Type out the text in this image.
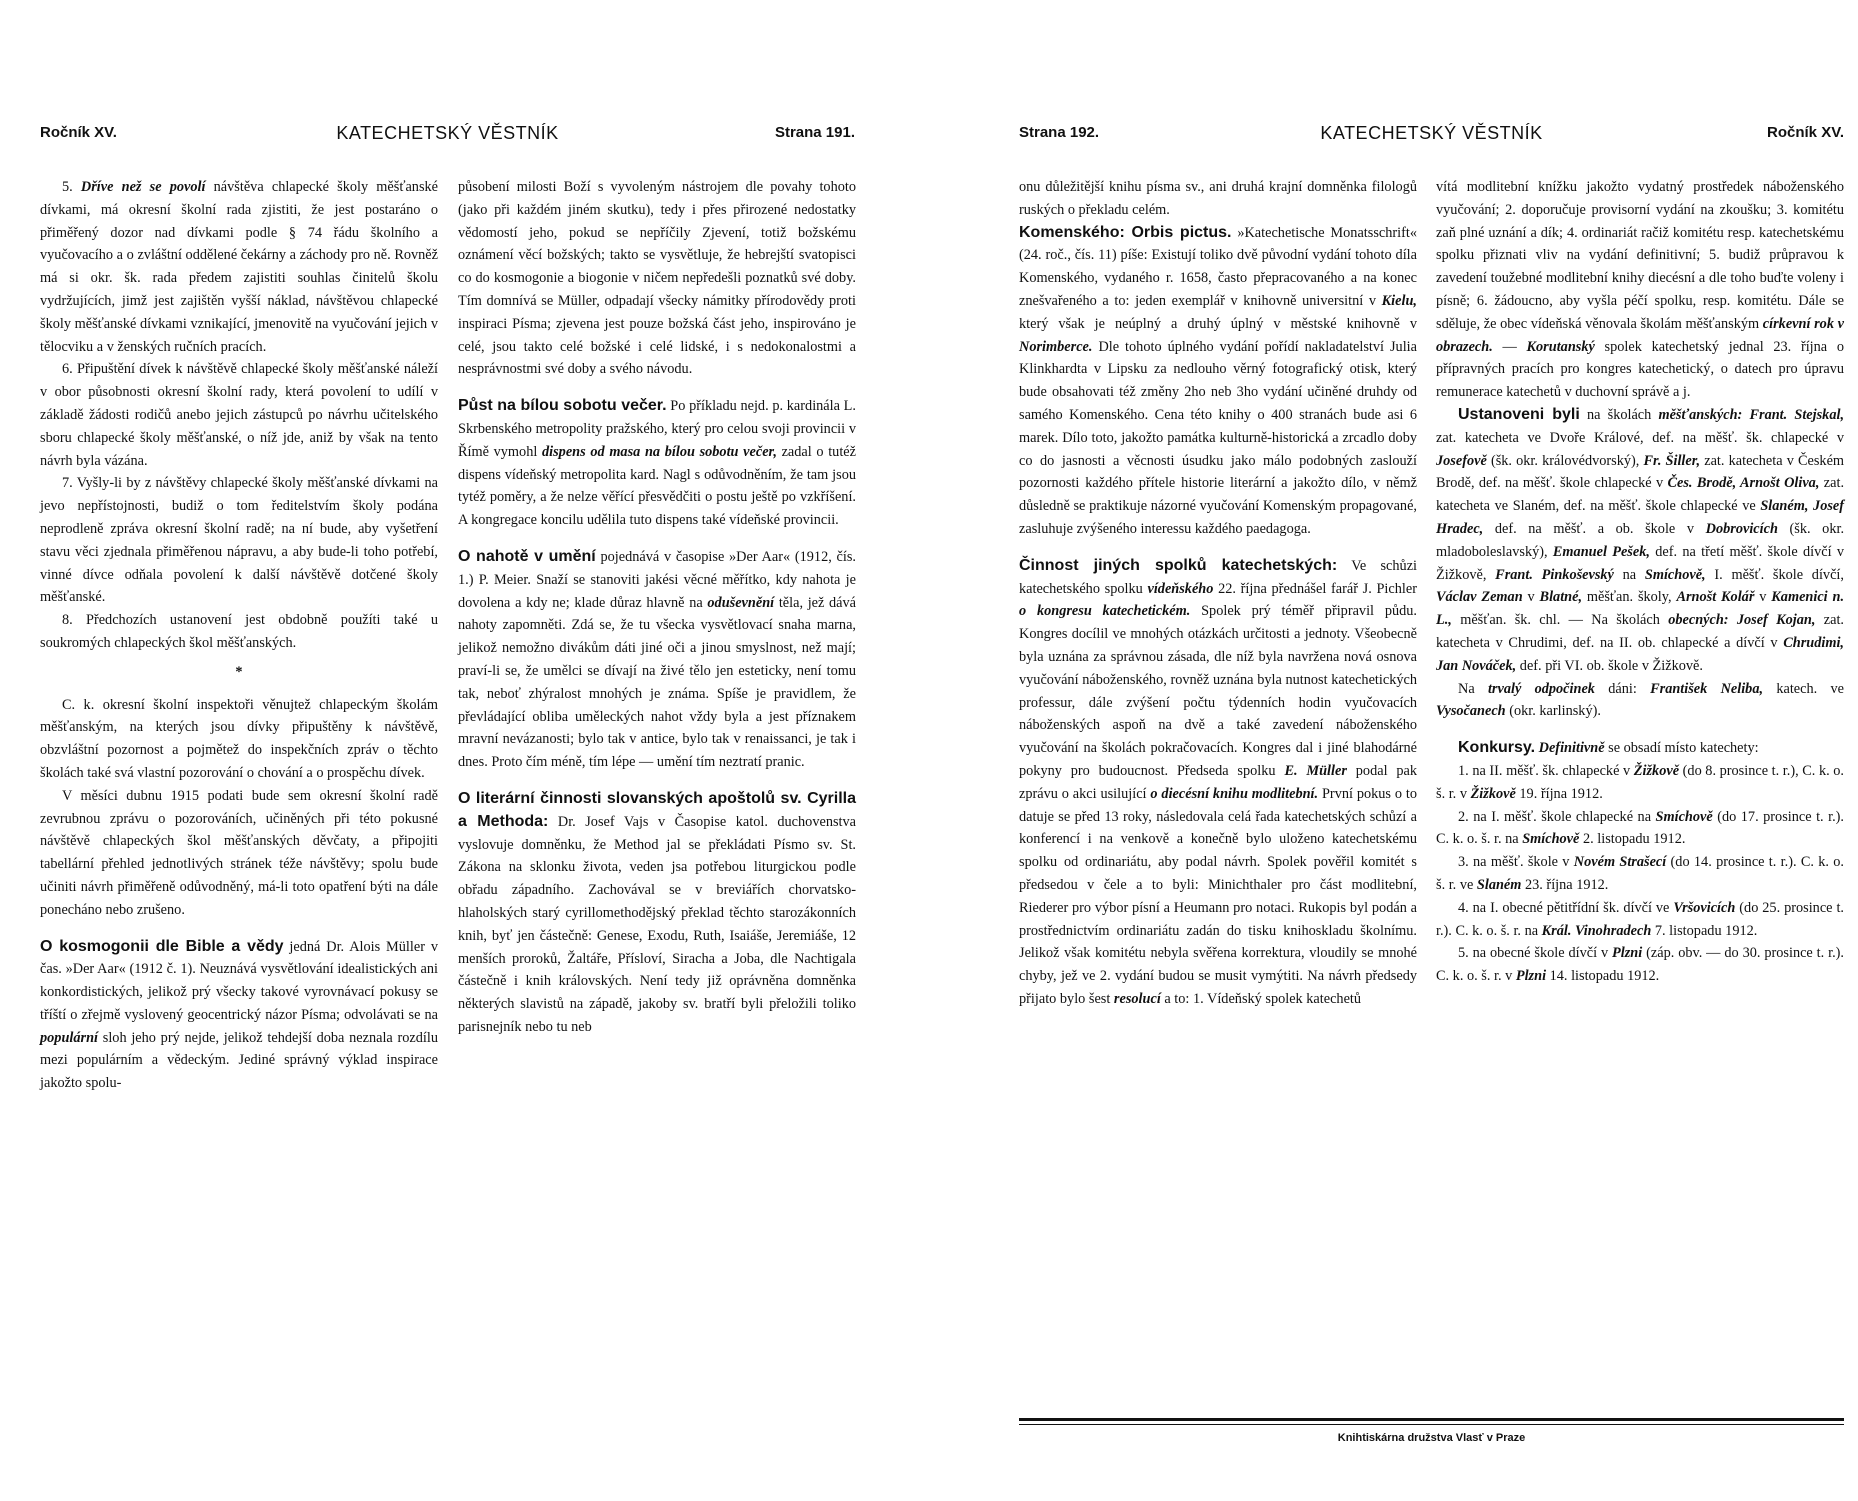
Ročník XV.	KATECHETSKÝ VĚSTNÍK	Strana 191.

5. Dříve než se povolí návštěva chlapecké školy měšťanské dívkami, má okresní školní rada zjistiti, že jest postaráno o přiměřený dozor nad dívkami podle § 74 řádu školního a vyučovacího a o zvláštní oddělené čekárny a záchody pro ně. Rovněž má si okr. šk. rada předem zajistiti souhlas činitelů školu vydržujících, jimž jest zajištěn vyšší náklad, návštěvou chlapecké školy měšťanské dívkami vznikající, jmenovitě na vyučování jejich v tělocviku a v ženských ručních pracích.

6. Připuštění dívek k návštěvě chlapecké školy měšťanské náleží v obor působnosti okresní školní rady, která povolení to udílí v základě žádosti rodičů anebo jejich zástupců po návrhu učitelského sboru chlapecké školy měšťanské, o níž jde, aniž by však na tento návrh byla vázána.

7. Vyšly-li by z návštěvy chlapecké školy měšťanské dívkami na jevo nepřístojnosti, budiž o tom ředitelstvím školy podána neprodleně zpráva okresní školní radě; na ní bude, aby vyšetření stavu věci zjednala přiměřenou nápravu, a aby bude-li toho potřebí, vinné dívce odňala povolení k další návštěvě dotčené školy měšťanské.

8. Předchozích ustanovení jest obdobně použíti také u soukromých chlapeckých škol měšťanských.

*

C. k. okresní školní inspektoři věnujtež chlapeckým školám měšťanským, na kterých jsou dívky připuštěny k návštěvě, obzvláštní pozornost a pojmětež do inspekčních zpráv o těchto školách také svá vlastní pozorování o chování a o prospěchu dívek.

V měsíci dubnu 1915 podati bude sem okresní školní radě zevrubnou zprávu o pozorováních, učiněných při této pokusné návštěvě chlapeckých škol měšťanských děvčaty, a připojiti tabellární přehled jednotlivých stránek téže návštěvy; spolu bude učiniti návrh přiměřeně odůvodněný, má-li toto opatření býti na dále ponecháno nebo zrušeno.

O kosmogonii dle Bible a vědy jedná Dr. Alois Müller v čas. »Der Aar« (1912 č. 1). Neuznává vysvětlování idealistických ani konkordistických, jelikož prý všecky takové vyrovnávací pokusy se tříští o zřejmě vyslovený geocentrický názor Písma; odvolávati se na populární sloh jeho prý nejde, jelikož tehdejší doba neznala rozdílu mezi populárním a vědeckým. Jediné správný výklad inspirace jakožto spolu-

působení milosti Boží s vyvoleným nástrojem dle povahy tohoto (jako při každém jiném skutku), tedy i přes přirozené nedostatky vědomostí jeho, pokud se nepříčily Zjevení, totiž božskému oznámení věcí božských; takto se vysvětluje, že hebrejští svatopisci co do kosmogonie a biogonie v ničem nepředešli poznatků své doby. Tím domnívá se Müller, odpadají všecky námitky přírodovědy proti inspiraci Písma; zjevena jest pouze božská část jeho, inspirováno je celé, jsou takto celé božské i celé lidské, i s nedokonalostmi a nesprávnostmi své doby a svého návodu.

Půst na bílou sobotu večer. Po příkladu nejd. p. kardinála L. Skrbenského metropolity pražského, který pro celou svoji provincii v Římě vymohl dispens od masa na bílou sobotu večer, zadal o tutéž dispens vídeňský metropolita kard. Nagl s odůvodněním, že tam jsou tytéž poměry, a že nelze věřící přesvědčiti o postu ještě po vzkříšení. A kongregace koncilu udělila tuto dispens také vídeňské provincii.

O nahotě v umění pojednává v časopise »Der Aar« (1912, čís. 1.) P. Meier. Snaží se stanoviti jakési věcné měřítko, kdy nahota je dovolena a kdy ne; klade důraz hlavně na oduševnění těla, jež dává nahoty zapomněti. Zdá se, že tu všecka vysvětlovací snaha marna, jelikož nemožno divákům dáti jiné oči a jinou smyslnost, než mají; praví-li se, že umělci se dívají na živé tělo jen esteticky, není tomu tak, neboť zhýralost mnohých je známa. Spíše je pravidlem, že převládající obliba uměleckých nahot vždy byla a jest příznakem mravní nevázanosti; bylo tak v antice, bylo tak v renaissanci, je tak i dnes. Proto čím méně, tím lépe — umění tím neztratí pranic.

O literární činnosti slovanských apoštolů sv. Cyrilla a Methoda: Dr. Josef Vajs v Časopise katol. duchovenstva vyslovuje domněnku, že Method jal se překládati Písmo sv. St. Zákona na sklonku života, veden jsa potřebou liturgickou podle obřadu západního. Zachovával se v breviářích chorvatsko-hlaholských starý cyrillomethodějský překlad těchto starozákonních knih, byť jen částečně: Genese, Exodu, Ruth, Isaiáše, Jeremiáše, 12 menších proroků, Žaltáře, Přísloví, Siracha a Joba, dle Nachtigala částečně i knih královských. Není tedy již oprávněna domněnka některých slavistů na západě, jakoby sv. bratří byli přeložili toliko parisnejník nebo tu neb

Strana 192.	KATECHETSKÝ VĚSTNÍK	Ročník XV.

onu důležitější knihu písma sv., ani druhá krajní domněnka filologů ruských o překladu celém.

Komenského: Orbis pictus. »Katechetische Monatsschrift« (24. roč., čís. 11) píše: Existují toliko dvě původní vydání tohoto díla Komenského, vydaného r. 1658, často přepracovaného a na konec znešvařeného a to: jeden exemplář v knihovně universitní v Kielu, který však je neúplný a druhý úplný v městské knihovně v Norimberce. Dle tohoto úplného vydání pořídí nakladatelství Julia Klinkhardta v Lipsku za nedlouho věrný fotografický otisk, který bude obsahovati též změny 2ho neb 3ho vydání učiněné druhdy od samého Komenského. Cena této knihy o 400 stranách bude asi 6 marek. Dílo toto, jakožto památka kulturně-historická a zrcadlo doby co do jasnosti a věcnosti úsudku jako málo podobných zaslouží pozornosti každého přítele historie literární a jakožto dílo, v němž důsledně se praktikuje názorné vyučování Komenským propagované, zasluhuje zvýšeného interessu každého paedagoga.

Činnost jiných spolků katechetských: Ve schůzi katechetského spolku vídeňského 22. října přednášel farář J. Pichler o kongresu katechetickém. Spolek prý téměř připravil půdu. Kongres docílil ve mnohých otázkách určitosti a jednoty. Všeobecně byla uznána za správnou zásada, dle níž byla navržena nová osnova vyučování náboženského, rovněž uznána byla nutnost katechetických professur, dále zvýšení počtu týdenních hodin vyučovacích náboženských aspoň na dvě a také zavedení náboženského vyučování na školách pokračovacích. Kongres dal i jiné blahodárné pokyny pro budoucnost. Předseda spolku E. Müller podal pak zprávu o akci usilující o diecésní knihu modlitební. První pokus o to datuje se před 13 roky, následovala celá řada katechetských schůzí a konferencí i na venkově a konečně bylo uloženo katechetskému spolku od ordinariátu, aby podal návrh. Spolek pověřil komitét s předsedou v čele a to byli: Minichthaler pro část modlitební, Riederer pro výbor písní a Heumann pro notaci. Rukopis byl podán a prostřednictvím ordinariátu zadán do tisku knihoskladu školnímu. Jelikož však komitétu nebyla svěřena korrektura, vloudily se mnohé chyby, jež ve 2. vydání budou se musit vymýtiti. Na návrh předsedy přijato bylo šest resolucí a to: 1. Vídeňský spolek katechetů

vítá modlitební knížku jakožto vydatný prostředek náboženského vyučování; 2. doporučuje provisorní vydání na zkoušku; 3. komitétu zaň plné uznání a dík; 4. ordinariát račiž komitétu resp. katechetskému spolku přiznati vliv na vydání definitivní; 5. budiž průpravou k zavedení toužebné modlitební knihy diecésní a dle toho buďte voleny i písně; 6. žádoucno, aby vyšla péčí spolku, resp. komitétu. Dále se sděluje, že obec vídeňská věnovala školám měšťanským církevní rok v obrazech. — Korutanský spolek katechetský jednal 23. října o přípravných pracích pro kongres katechetický, o datech pro úpravu remunerace katechetů v duchovní správě a j.

Ustanoveni byli na školách měšťanských: Frant. Stejskal, zat. katecheta ve Dvoře Králové, def. na měšť. šk. chlapecké v Josefově (šk. okr. královédvorský), Fr. Šiller, zat. katecheta v Českém Brodě, def. na měšť. škole chlapecké v Čes. Brodě, Arnošt Oliva, zat. katecheta ve Slaném, def. na měšť. škole chlapecké ve Slaném, Josef Hradec, def. na měšť. a ob. škole v Dobrovicích (šk. okr. mladoboleslavský), Emanuel Pešek, def. na třetí měšť. škole dívčí v Žižkově, Frant. Pinkoševský na Smíchově, I. měšť. škole dívčí, Václav Zeman v Blatné, měšťan. školy, Arnošt Kolář v Kamenici n. L., měšťan. šk. chl. — Na školách obecných: Josef Kojan, zat. katecheta v Chrudimi, def. na II. ob. chlapecké a dívčí v Chrudimi, Jan Nováček, def. při VI. ob. škole v Žižkově.

Na trvalý odpočinek dáni: František Neliba, katech. ve Vysočanech (okr. karlinský).

Konkursy. Definitivně se obsadí místo katechety:

1. na II. měšť. šk. chlapecké v Žižkově (do 8. prosince t. r.), C. k. o. š. r. v Žižkově 19. října 1912.

2. na I. měšť. škole chlapecké na Smíchově (do 17. prosince t. r.). C. k. o. š. r. na Smíchově 2. listopadu 1912.

3. na měšť. škole v Novém Strašecí (do 14. prosince t. r.). C. k. o. š. r. ve Slaném 23. října 1912.

4. na I. obecné pětitřídní šk. dívčí ve Vršovicích (do 25. prosince t. r.). C. k. o. š. r. na Král. Vinohradech 7. listopadu 1912.

5. na obecné škole dívčí v Plzni (záp. obv. — do 30. prosince t. r.). C. k. o. š. r. v Plzni 14. listopadu 1912.

Knihtiskárna družstva Vlasť v Praze
